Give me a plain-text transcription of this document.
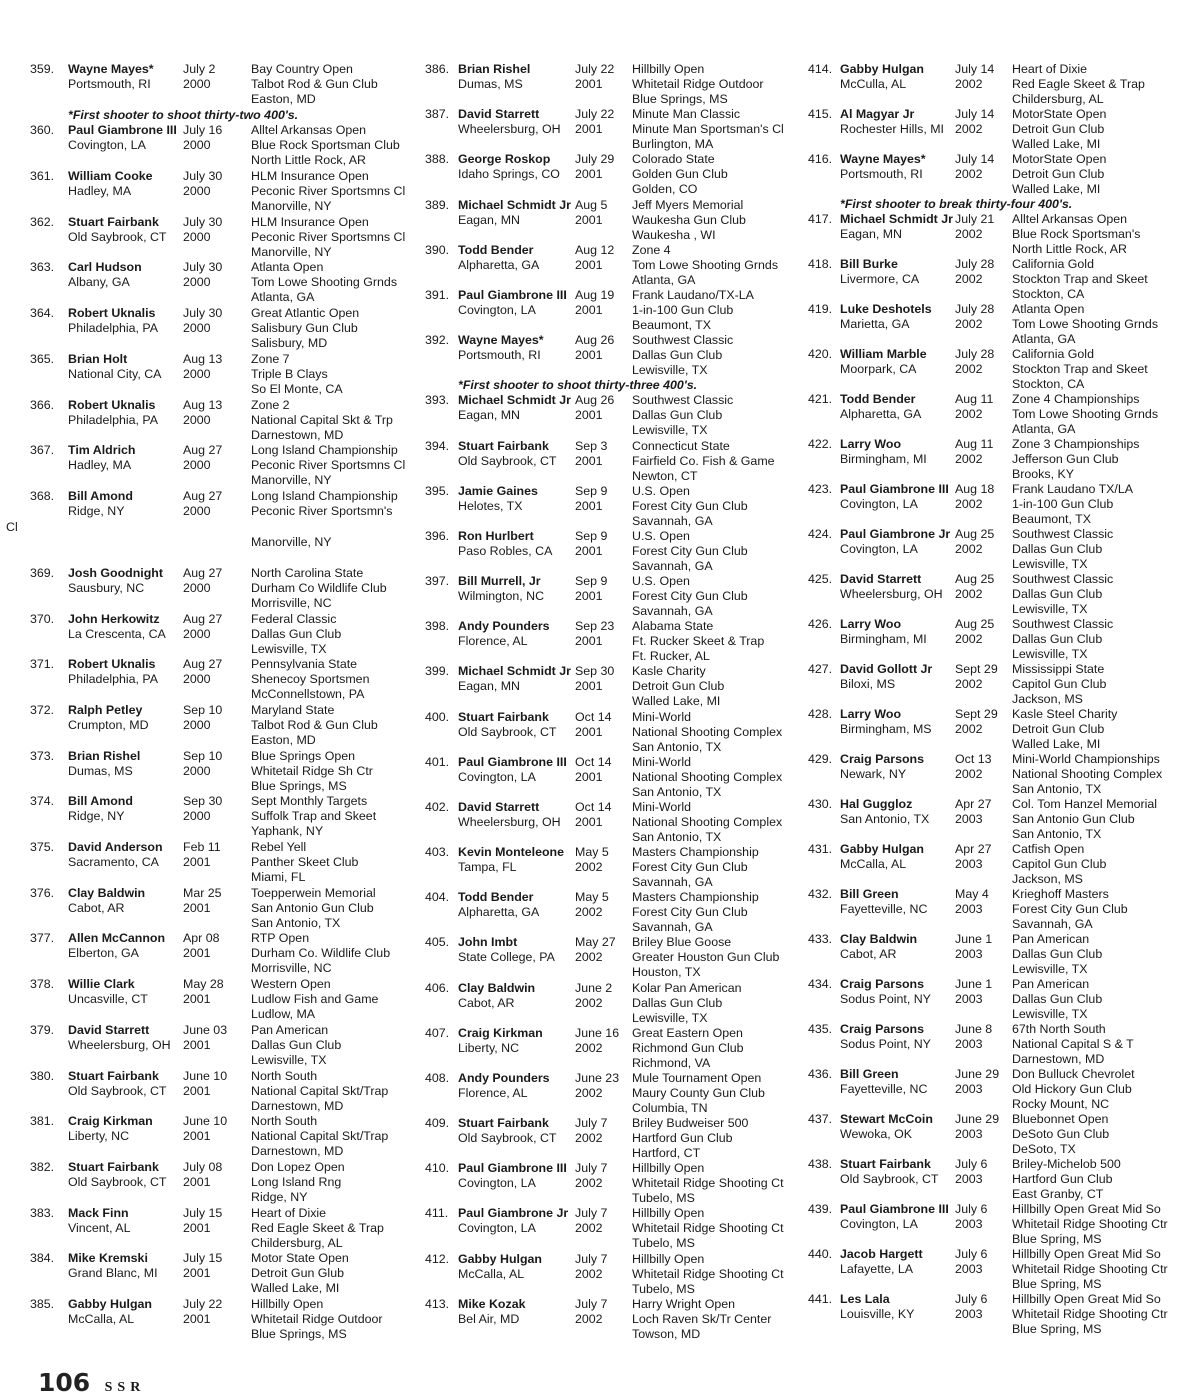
359.	Wayne Mayes* July 2	Bay Country Open
Portsmouth, RI	2000	Talbot Rod & Gun Club
Easton, MD
*First shooter to shoot thirty-two 400's.
360.	Paul Giambrone III July 16 Alltel Arkansas Open
Covington, LA	2000	Blue Rock Sportsman Club
North Little Rock, AR
361.	William Cooke July 30 HLM Insurance Open
Hadley, MA	2000	Peconic River Sportsmns Cl
Manorville, NY
362.	Stuart Fairbank July 30 HLM Insurance Open
Old Saybrook, CT 2000	Peconic River Sportsmns Cl
Manorville, NY
363.	Carl Hudson	July 30 Atlanta Open
Albany, GA	2000	Tom Lowe Shooting Grnds
Atlanta, GA
364.	Robert Uknalis July 30 Great Atlantic Open
Philadelphia, PA 2000	Salisbury Gun Club
Salisbury, MD
365.	Brian Holt	Aug 13 Zone 7
National City, CA 2000	Triple B Clays
So El Monte, CA
366.	Robert Uknalis Aug 13 Zone 2
Philadelphia, PA 2000	National Capital Skt & Trp
Darnestown, MD
367.	Tim Aldrich	Aug 27 Long Island Championship
Hadley, MA	2000	Peconic River Sportsmns Cl
Manorville, NY
368.	Bill Amond	Aug 27 Long Island Championship
Ridge, NY	2000	Peconic River Sportsmn's
Cl
Manorville, NY
369.	Josh Goodnight Aug 27 North Carolina State
Sausbury, NC	2000	Durham Co Wildlife Club
Morrisville, NC
370.	John Herkowitz Aug 27 Federal Classic
La Crescenta, CA 2000	Dallas Gun Club
Lewisville, TX
371.	Robert Uknalis Aug 27 Pennsylvania State
Philadelphia, PA 2000	Shenecoy Sportsmen
McConnellstown, PA
372.	Ralph Petley	Sep 10 Maryland State
Crumpton, MD	2000	Talbot Rod & Gun Club
Easton, MD
373.	Brian Rishel	Sep 10 Blue Springs Open
Dumas, MS	2000	Whitetail Ridge Sh Ctr
Blue Springs, MS
374.	Bill Amond	Sep 30 Sept Monthly Targets
Ridge, NY	2000	Suffolk Trap and Skeet
Yaphank, NY
375.	David Anderson Feb 11 Rebel Yell
Sacramento, CA 2001	Panther Skeet Club
Miami, FL
376.	Clay Baldwin	Mar 25 Toepperwein Memorial
Cabot, AR	2001	San Antonio Gun Club
San Antonio, TX
377.	Allen McCannon Apr 08	RTP Open
Elberton, GA	2001	Durham Co. Wildlife Club
Morrisville, NC
378.	Willie Clark	May 28 Western Open
Uncasville, CT	2001	Ludlow Fish and Game
Ludlow, MA
379.	David Starrett	June 03 Pan American
Wheelersburg, OH 2001	Dallas Gun Club
Lewisville, TX
380.	Stuart Fairbank June 10 North South
Old Saybrook, CT 2001	National Capital Skt/Trap
Darnestown, MD
381.	Craig Kirkman June 10 North South
Liberty, NC	2001	National Capital Skt/Trap
Darnestown, MD
382.	Stuart Fairbank July 08 Don Lopez Open
Old Saybrook, CT 2001	Long Island Rng
Ridge, NY
383.	Mack Finn	July 15 Heart of Dixie
Vincent, AL	2001	Red Eagle Skeet & Trap
Childersburg, AL
384.	Mike Kremski	July 15 Motor State Open
Grand Blanc, MI 2001	Detroit Gun Glub
Walled Lake, MI
385.	Gabby Hulgan	July 22 Hillbilly Open
McCalla, AL	2001	Whitetail Ridge Outdoor
Blue Springs, MS
386. Brian Rishel	July 22 Hillbilly Open
Dumas, MS	2001 Whitetail Ridge Outdoor
Blue Springs, MS
387. David Starrett	July 22 Minute Man Classic
Wheelersburg, OH 2001 Minute Man Sportsman's Cl
Burlington, MA
388. George Roskop July 29 Colorado State
Idaho Springs, CO 2001 Golden Gun Club
Golden, CO
389. Michael Schmidt Jr Aug 5 Jeff Myers Memorial
Eagan, MN	2001 Waukesha Gun Club
Waukesha , WI
390. Todd Bender	Aug 12 Zone 4
Alpharetta, GA	2001 Tom Lowe Shooting Grnds
Atlanta, GA
391. Paul Giambrone III Aug 19 Frank Laudano/TX-LA
Covington, LA	2001 1-in-100 Gun Club
Beaumont, TX
392. Wayne Mayes*	Aug 26 Southwest Classic
Portsmouth, RI	2001 Dallas Gun Club
Lewisville, TX
*First shooter to shoot thirty-three 400's.
393. Michael Schmidt Jr Aug 26 Southwest Classic
Eagan, MN	2001 Dallas Gun Club
Lewisville, TX
394. Stuart Fairbank Sep 3 Connecticut State
Old Saybrook, CT 2001 Fairfield Co. Fish & Game
Newton, CT
395. Jamie Gaines	Sep 9 U.S. Open
Helotes, TX	2001 Forest City Gun Club
Savannah, GA
396. Ron Hurlbert	Sep 9 U.S. Open
Paso Robles, CA 2001 Forest City Gun Club
Savannah, GA
397. Bill Murrell, Jr	Sep 9 U.S. Open
Wilmington, NC 2001 Forest City Gun Club
Savannah, GA
398. Andy Pounders Sep 23 Alabama State
Florence, AL	2001 Ft. Rucker Skeet & Trap
Ft. Rucker, AL
399. Michael Schmidt Jr Sep 30 Kasle Charity
Eagan, MN	2001 Detroit Gun Club
Walled Lake, MI
400. Stuart Fairbank Oct 14 Mini-World
Old Saybrook, CT 2001 National Shooting Complex
San Antonio, TX
401. Paul Giambrone III Oct 14 Mini-World
Covington, LA	2001 National Shooting Complex
San Antonio, TX
402. David Starrett	Oct 14 Mini-World
Wheelersburg, OH 2001 National Shooting Complex
San Antonio, TX
403. Kevin Monteleone May 5 Masters Championship
Tampa, FL	2002 Forest City Gun Club
Savannah, GA
404. Todd Bender	May 5 Masters Championship
Alpharetta, GA	2002 Forest City Gun Club
Savannah, GA
405. John Imbt	May 27 Briley Blue Goose
State College, PA 2002 Greater Houston Gun Club
Houston, TX
406. Clay Baldwin	June 2 Kolar Pan American
Cabot, AR	2002 Dallas Gun Club
Lewisville, TX
407. Craig Kirkman	June 16 Great Eastern Open
Liberty, NC	2002 Richmond Gun Club
Richmond, VA
408. Andy Pounders June 23 Mule Tournament Open
Florence, AL	2002 Maury County Gun Club
Columbia, TN
409. Stuart Fairbank July 7 Briley Budweiser 500
Old Saybrook, CT 2002 Hartford Gun Club
Hartford, CT
410. Paul Giambrone III July 7 Hillbilly Open
Covington, LA	2002 Whitetail Ridge Shooting Ct
Tubelo, MS
411. Paul Giambrone Jr July 7 Hillbilly Open
Covington, LA	2002 Whitetail Ridge Shooting Ct
Tubelo, MS
412. Gabby Hulgan	July 7 Hillbilly Open
McCalla, AL	2002 Whitetail Ridge Shooting Ct
Tubelo, MS
413. Mike Kozak	July 7 Harry Wright Open
Bel Air, MD	2002 Loch Raven Sk/Tr Center
Towson, MD
414. Gabby Hulgan	July 14 Heart of Dixie
McCulla, AL	2002 Red Eagle Skeet & Trap
Childersburg, AL
415. Al Magyar Jr	July 14 MotorState Open
Rochester Hills, MI 2002 Detroit Gun Club
Walled Lake, MI
416. Wayne Mayes* July 14 MotorState Open
Portsmouth, RI	2002 Detroit Gun Club
Walled Lake, MI
*First shooter to break thirty-four 400's.
417. Michael Schmidt Jr July 21 Alltel Arkansas Open
Eagan, MN	2002 Blue Rock Sportsman's
North Little Rock, AR
418. Bill Burke	July 28 California Gold
Livermore, CA	2002 Stockton Trap and Skeet
Stockton, CA
419. Luke Deshotels July 28 Atlanta Open
Marietta, GA	2002 Tom Lowe Shooting Grnds
Atlanta, GA
420. William Marble July 28 California Gold
Moorpark, CA	2002 Stockton Trap and Skeet
Stockton, CA
421. Todd Bender	Aug 11 Zone 4 Championships
Alpharetta, GA	2002 Tom Lowe Shooting Grnds
Atlanta, GA
422. Larry Woo	Aug 11 Zone 3 Championships
Birmingham, MI 2002 Jefferson Gun Club
Brooks, KY
423. Paul Giambrone III Aug 18 Frank Laudano TX/LA
Covington, LA	2002 1-in-100 Gun Club
Beaumont, TX
424. Paul Giambrone Jr Aug 25 Southwest Classic
Covington, LA	2002 Dallas Gun Club
Lewisville, TX
425. David Starrett	Aug 25 Southwest Classic
Wheelersburg, OH 2002 Dallas Gun Club
Lewisville, TX
426. Larry Woo	Aug 25 Southwest Classic
Birmingham, MI 2002 Dallas Gun Club
Lewisville, TX
427. David Gollott Jr Sept 29 Mississippi State
Biloxi, MS	2002 Capitol Gun Club
Jackson, MS
428. Larry Woo	Sept 29 Kasle Steel Charity
Birmingham, MS 2002 Detroit Gun Club
Walled Lake, MI
429. Craig Parsons Oct 13 Mini-World Championships
Newark, NY	2002 National Shooting Complex
San Antonio, TX
430. Hal Guggloz	Apr 27 Col. Tom Hanzel Memorial
San Antonio, TX 2003 San Antonio Gun Club
San Antonio, TX
431. Gabby Hulgan	Apr 27 Catfish Open
McCalla, AL	2003 Capitol Gun Club
Jackson, MS
432. Bill Green	May 4 Krieghoff Masters
Fayetteville, NC 2003 Forest City Gun Club
Savannah, GA
433. Clay Baldwin	June 1 Pan American
Cabot, AR	2003 Dallas Gun Club
Lewisville, TX
434. Craig Parsons June 1 Pan American
Sodus Point, NY 2003 Dallas Gun Club
Lewisville, TX
435. Craig Parsons June 8 67th North South
Sodus Point, NY 2003 National Capital S & T
Darnestown, MD
436. Bill Green	June 29 Don Bulluck Chevrolet
Fayetteville, NC 2003 Old Hickory Gun Club
Rocky Mount, NC
437. Stewart McCoin June 29 Bluebonnet Open
Wewoka, OK	2003 DeSoto Gun Club
DeSoto, TX
438. Stuart Fairbank July 6 Briley-Michelob 500
Old Saybrook, CT 2003 Hartford Gun Club
East Granby, CT
439. Paul Giambrone III July 6 Hillbilly Open Great Mid So
Covington, LA	2003 Whitetail Ridge Shooting Ctr
Blue Spring, MS
440. Jacob Hargett	July 6 Hillbilly Open Great Mid So
Lafayette, LA	2003 Whitetail Ridge Shooting Ctr
Blue Spring, MS
441. Les Lala	July 6 Hillbilly Open Great Mid So
Louisville, KY	2003 Whitetail Ridge Shooting Ctr
Blue Spring, MS
106 SSR
